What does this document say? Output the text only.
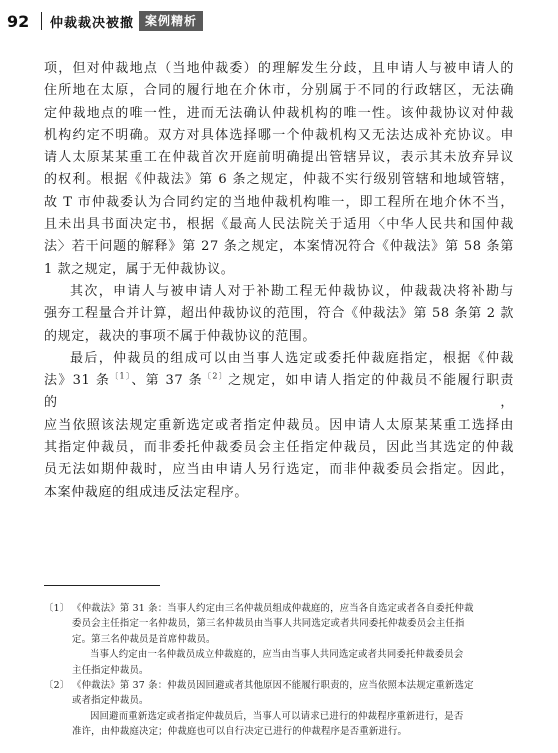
92	仲裁裁决被撤 案例精析

项，但对仲裁地点（当地仲裁委）的理解发生分歧，且申请人与被申请人的

住所地在太原，合同的履行地在介休市，分别属于不同的行政辖区，无法确

定仲裁地点的唯一性，进而无法确认仲裁机构的唯一性。该仲裁协议对仲裁

机构约定不明确。双方对具体选择哪一个仲裁机构又无法达成补充协议。申

请人太原某某重工在仲裁首次开庭前明确提出管辖异议，表示其未放弃异议

的权利。根据《仲裁法》第 6 条之规定，仲裁不实行级别管辖和地域管辖，

故 T 市仲裁委认为合同约定的当地仲裁机构唯一，即工程所在地介休不当，

且未出具书面决定书，根据《最高人民法院关于适用〈中华人民共和国仲裁

法〉若干问题的解释》第 27 条之规定，本案情况符合《仲裁法》第 58 条第

1 款之规定，属于无仲裁协议。

其次，申请人与被申请人对于补勘工程无仲裁协议，仲裁裁决将补勘与

强夯工程量合并计算，超出仲裁协议的范围，符合《仲裁法》第 58 条第 2 款

的规定，裁决的事项不属于仲裁协议的范围。

最后，仲裁员的组成可以由当事人选定或委托仲裁庭指定，根据《仲裁

法》31 条$^{〔1〕}$、第 37 条$^{〔2〕}$之规定，如申请人指定的仲裁员不能履行职责的，

应当依照该法规定重新选定或者指定仲裁员。因申请人太原某某重工选择由

其指定仲裁员，而非委托仲裁委员会主任指定仲裁员，因此当其选定的仲裁

员无法如期仲裁时，应当由申请人另行选定，而非仲裁委员会指定。因此，

本案仲裁庭的组成违反法定程序。

〔1〕 《仲裁法》第 31 条：当事人约定由三名仲裁员组成仲裁庭的，应当各自选定或者各自委托仲裁
委员会主任指定一名仲裁员，第三名仲裁员由当事人共同选定或者共同委托仲裁委员会主任指
定。第三名仲裁员是首席仲裁员。
当事人约定由一名仲裁员成立仲裁庭的，应当由当事人共同选定或者共同委托仲裁委员会
主任指定仲裁员。
〔2〕 《仲裁法》第 37 条：仲裁员因回避或者其他原因不能履行职责的，应当依照本法规定重新选定
或者指定仲裁员。
因回避而重新选定或者指定仲裁员后，当事人可以请求已进行的仲裁程序重新进行，是否
准许，由仲裁庭决定；仲裁庭也可以自行决定已进行的仲裁程序是否重新进行。
